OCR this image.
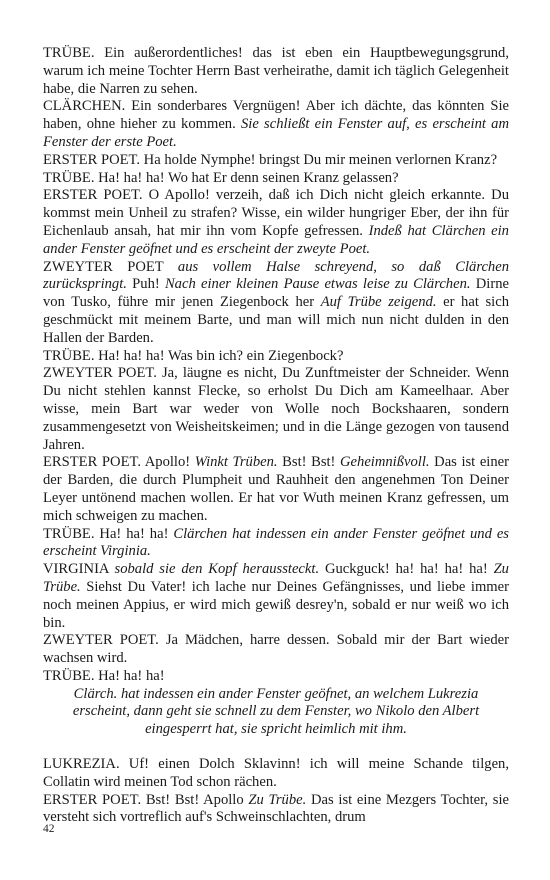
TRÜBE. Ein außerordentliches! das ist eben ein Hauptbewegungsgrund, warum ich meine Tochter Herrn Bast verheirathe, damit ich täglich Gelegenheit habe, die Narren zu sehen.

CLÄRCHEN. Ein sonderbares Vergnügen! Aber ich dächte, das könnten Sie haben, ohne hieher zu kommen. Sie schließt ein Fenster auf, es erscheint am Fenster der erste Poet.

ERSTER POET. Ha holde Nymphe! bringst Du mir meinen verlornen Kranz?

TRÜBE. Ha! ha! ha! Wo hat Er denn seinen Kranz gelassen?

ERSTER POET. O Apollo! verzeih, daß ich Dich nicht gleich erkannte. Du kommst mein Unheil zu strafen? Wisse, ein wilder hungriger Eber, der ihn für Eichenlaub ansah, hat mir ihn vom Kopfe gefressen. Indeß hat Clärchen ein ander Fenster geöfnet und es erscheint der zweyte Poet.

ZWEYTER POET aus vollem Halse schreyend, so daß Clärchen zurückspringt. Puh! Nach einer kleinen Pause etwas leise zu Clärchen. Dirne von Tusko, führe mir jenen Ziegenbock her Auf Trübe zeigend. er hat sich geschmückt mit meinem Barte, und man will mich nun nicht dulden in den Hallen der Barden.

TRÜBE. Ha! ha! ha! Was bin ich? ein Ziegenbock?

ZWEYTER POET. Ja, läugne es nicht, Du Zunftmeister der Schneider. Wenn Du nicht stehlen kannst Flecke, so erholst Du Dich am Kameelhaar. Aber wisse, mein Bart war weder von Wolle noch Bockshaaren, sondern zusammengesetzt von Weisheitskeimen; und in die Länge gezogen von tausend Jahren.

ERSTER POET. Apollo! Winkt Trüben. Bst! Bst! Geheimnißvoll. Das ist einer der Barden, die durch Plumpheit und Rauhheit den angenehmen Ton Deiner Leyer untönend machen wollen. Er hat vor Wuth meinen Kranz gefressen, um mich schweigen zu machen.

TRÜBE. Ha! ha! ha! Clärchen hat indessen ein ander Fenster geöfnet und es erscheint Virginia.

VIRGINIA sobald sie den Kopf heraussteckt. Guckguck! ha! ha! ha! ha! Zu Trübe. Siehst Du Vater! ich lache nur Deines Gefängnisses, und liebe immer noch meinen Appius, er wird mich gewiß desrey'n, sobald er nur weiß wo ich bin.

ZWEYTER POET. Ja Mädchen, harre dessen. Sobald mir der Bart wieder wachsen wird.

TRÜBE. Ha! ha! ha!

Clärch. hat indessen ein ander Fenster geöfnet, an welchem Lukrezia erscheint, dann geht sie schnell zu dem Fenster, wo Nikolo den Albert eingesperrt hat, sie spricht heimlich mit ihm.

LUKREZIA. Uf! einen Dolch Sklavinn! ich will meine Schande tilgen, Collatin wird meinen Tod schon rächen.

ERSTER POET. Bst! Bst! Apollo Zu Trübe. Das ist eine Mezgers Tochter, sie versteht sich vortreflich auf's Schweinschlachten, drum

42
